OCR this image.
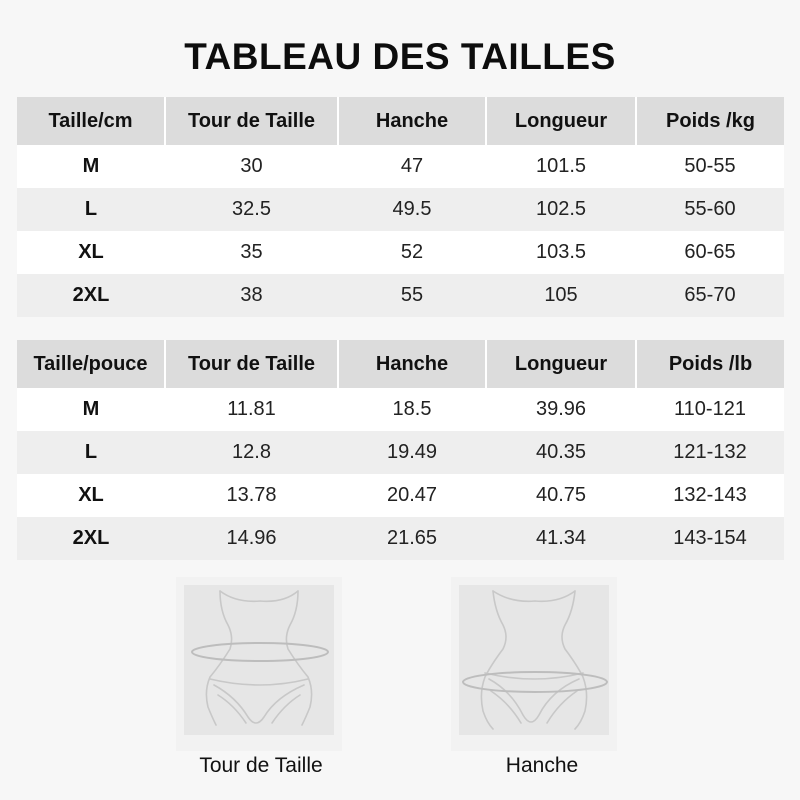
TABLEAU DES TAILLES
Taille/cm	Tour de Taille	Hanche	Longueur	Poids /kg
M	30	47	101.5	50-55
L	32.5	49.5	102.5	55-60
XL	35	52	103.5	60-65
2XL	38	55	105	65-70
Taille/pouce	Tour de Taille	Hanche	Longueur	Poids /lb
M	11.81	18.5	39.96	110-121
L	12.8	19.49	40.35	121-132
XL	13.78	20.47	40.75	132-143
2XL	14.96	21.65	41.34	143-154
Tour de Taille	Hanche
